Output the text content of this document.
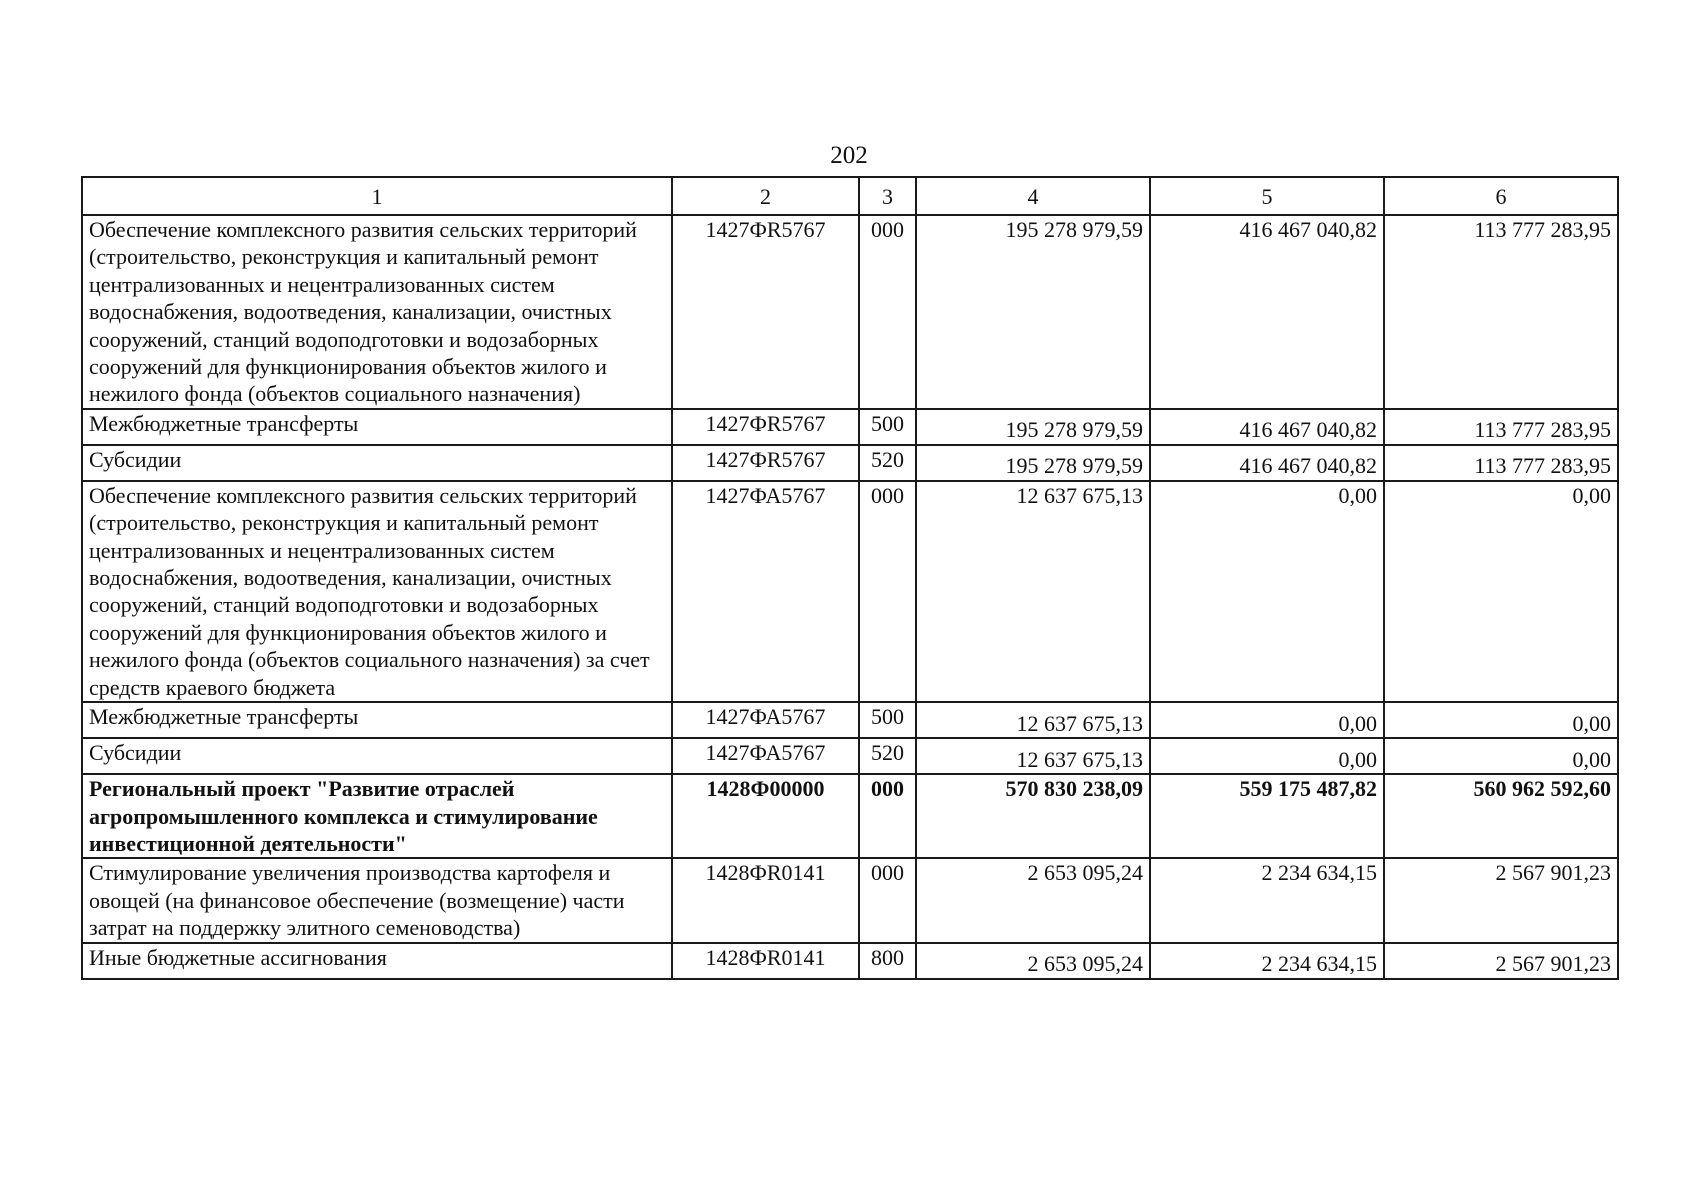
202
1	2	3	4	5	6
Обеспечение комплексного развития сельских территорий (строительство, реконструкция и капитальный ремонт централизованных и нецентрализованных систем водоснабжения, водоотведения, канализации, очистных сооружений, станций водоподготовки и водозаборных сооружений для функционирования объектов жилого и нежилого фонда (объектов социального назначения)	1427ФR5767	000	195 278 979,59	416 467 040,82	113 777 283,95
Межбюджетные трансферты	1427ФR5767	500	195 278 979,59	416 467 040,82	113 777 283,95
Субсидии	1427ФR5767	520	195 278 979,59	416 467 040,82	113 777 283,95
Обеспечение комплексного развития сельских территорий (строительство, реконструкция и капитальный ремонт централизованных и нецентрализованных систем водоснабжения, водоотведения, канализации, очистных сооружений, станций водоподготовки и водозаборных сооружений для функционирования объектов жилого и нежилого фонда (объектов социального назначения) за счет средств краевого бюджета	1427ФА5767	000	12 637 675,13	0,00	0,00
Межбюджетные трансферты	1427ФА5767	500	12 637 675,13	0,00	0,00
Субсидии	1427ФА5767	520	12 637 675,13	0,00	0,00
Региональный проект "Развитие отраслей агропромышленного комплекса и стимулирование инвестиционной деятельности"	1428Ф00000	000	570 830 238,09	559 175 487,82	560 962 592,60
Стимулирование увеличения производства картофеля и овощей (на финансовое обеспечение (возмещение) части затрат на поддержку элитного семеноводства)	1428ФR0141	000	2 653 095,24	2 234 634,15	2 567 901,23
Иные бюджетные ассигнования	1428ФR0141	800	2 653 095,24	2 234 634,15	2 567 901,23
